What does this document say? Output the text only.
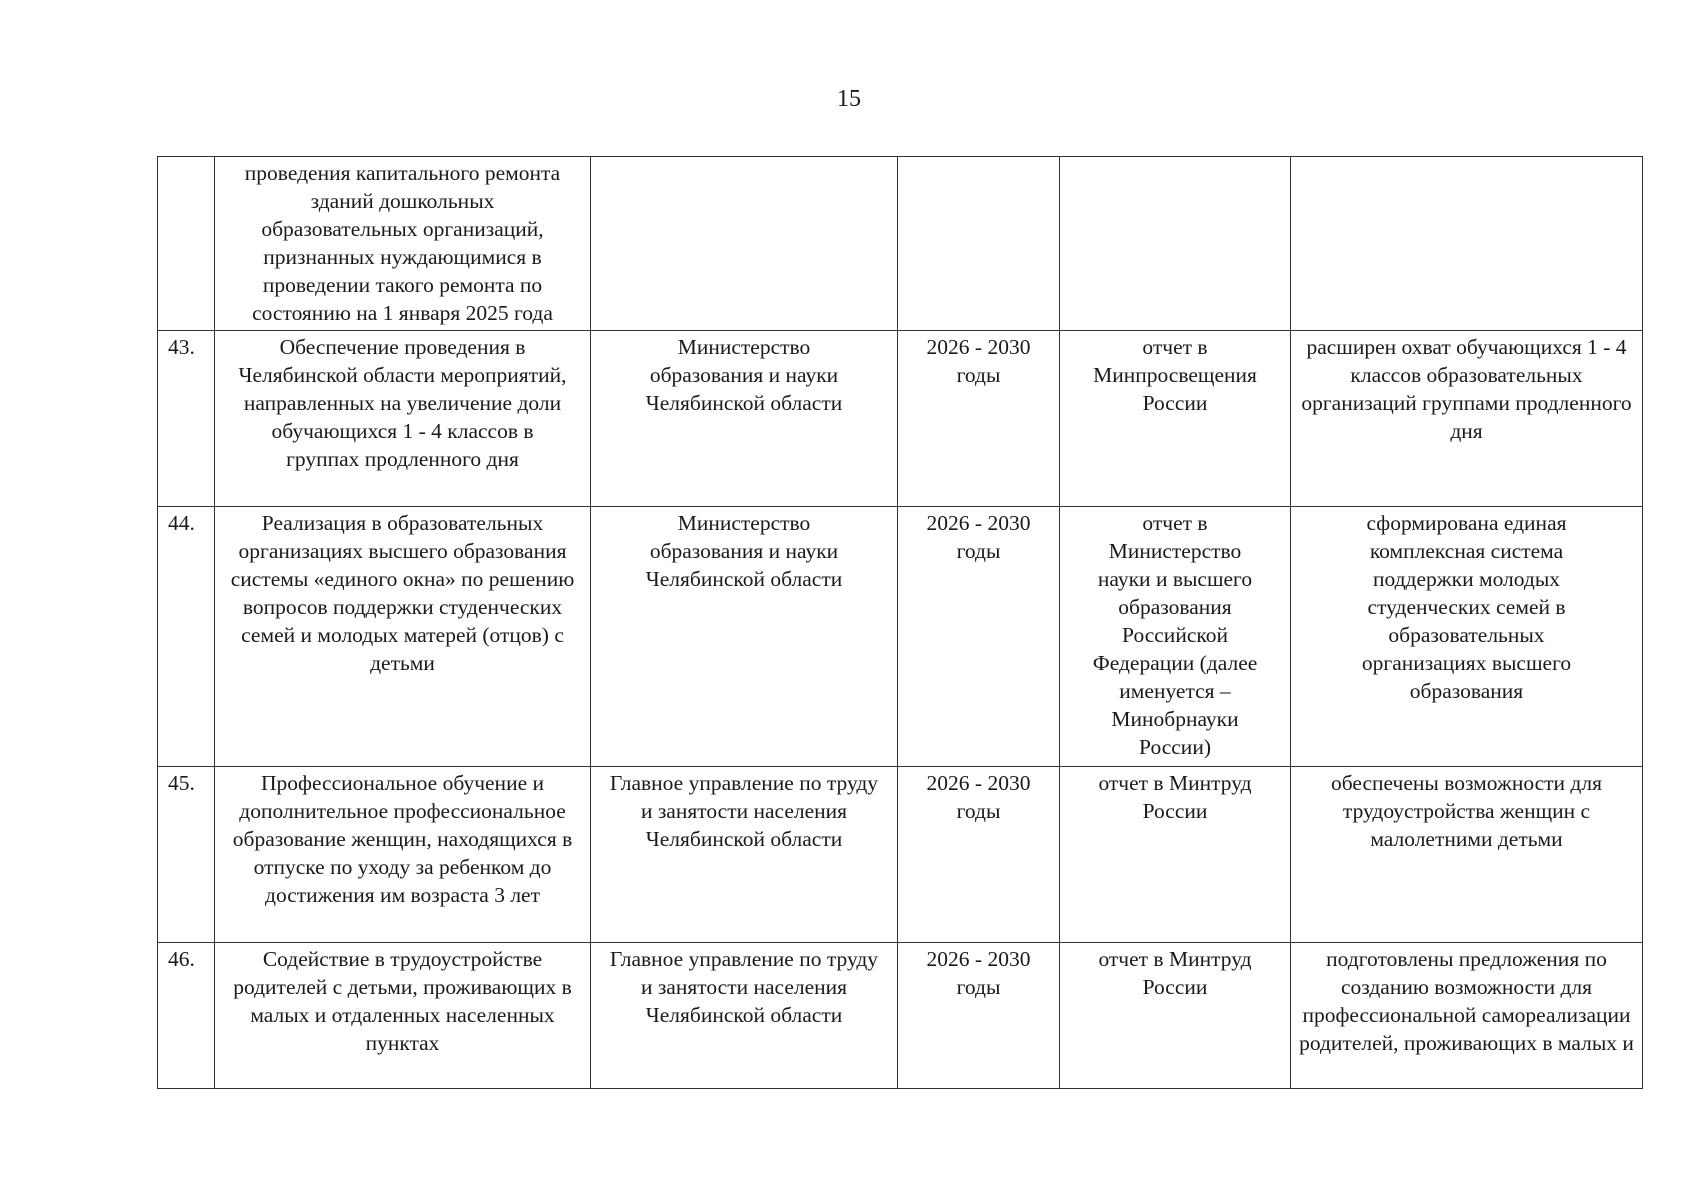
15

	проведения капитального ремонта зданий дошкольных образовательных организаций, признанных нуждающимися в проведении такого ремонта по состоянию на 1 января 2025 года				

43.	Обеспечение проведения в Челябинской области мероприятий, направленных на увеличение доли обучающихся 1 - 4 классов в группах продленного дня	Министерство образования и науки Челябинской области	2026 - 2030 годы	отчет в Минпросвещения России	расширен охват обучающихся 1 - 4 классов образовательных организаций группами продленного дня

44.	Реализация в образовательных организациях высшего образования системы «единого окна» по решению вопросов поддержки студенческих семей и молодых матерей (отцов) с детьми	Министерство образования и науки Челябинской области	2026 - 2030 годы	отчет в Министерство науки и высшего образования Российской Федерации (далее именуется – Минобрнауки России)	сформирована единая комплексная система поддержки молодых студенческих семей в образовательных организациях высшего образования

45.	Профессиональное обучение и дополнительное профессиональное образование женщин, находящихся в отпуске по уходу за ребенком до достижения им возраста 3 лет	Главное управление по труду и занятости населения Челябинской области	2026 - 2030 годы	отчет в Минтруд России	обеспечены возможности для трудоустройства женщин с малолетними детьми

46.	Содействие в трудоустройстве родителей с детьми, проживающих в малых и отдаленных населенных пунктах	Главное управление по труду и занятости населения Челябинской области	2026 - 2030 годы	отчет в Минтруд России	подготовлены предложения по созданию возможности для профессиональной самореализации родителей, проживающих в малых и
